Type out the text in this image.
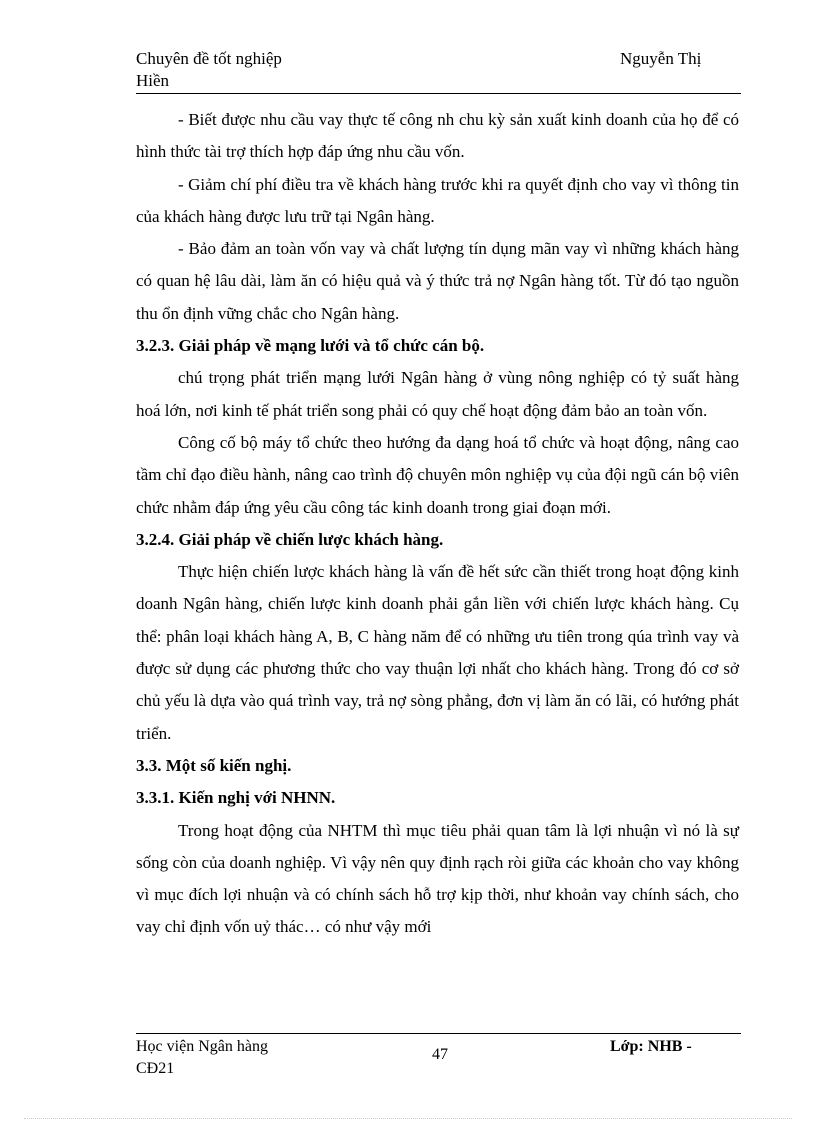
Chuyên đề tốt nghiệp	Nguyễn Thị
Hiền

- Biết được nhu cầu vay thực tế công nh chu kỳ sản xuất kinh doanh của họ để có hình thức tài trợ thích hợp đáp ứng nhu cầu vốn.

- Giảm chí phí điều tra về khách hàng trước khi ra quyết định cho vay vì thông tin của khách hàng được lưu trữ tại Ngân hàng.

- Bảo đảm an toàn vốn vay và chất lượng tín dụng mãn vay vì những khách hàng có quan hệ lâu dài, làm ăn có hiệu quả và ý thức trả nợ Ngân hàng tốt. Từ đó tạo nguồn thu ổn định vững chắc cho Ngân hàng.

3.2.3. Giải pháp về mạng lưới và tổ chức cán bộ.

chú trọng phát triển mạng lưới Ngân hàng ở vùng nông nghiệp có tỷ suất hàng hoá lớn, nơi kinh tế phát triển song phải có quy chế hoạt động đảm bảo an toàn vốn.

Công cố bộ máy tổ chức theo hướng đa dạng hoá tổ chức và hoạt động, nâng cao tầm chỉ đạo điều hành, nâng cao trình độ chuyên môn nghiệp vụ của đội ngũ cán bộ viên chức nhằm đáp ứng yêu cầu công tác kinh doanh trong giai đoạn mới.

3.2.4. Giải pháp về chiến lược khách hàng.

Thực hiện chiến lược khách hàng là vấn đề hết sức cần thiết trong hoạt động kinh doanh Ngân hàng, chiến lược kinh doanh phải gắn liền với chiến lược khách hàng. Cụ thể: phân loại khách hàng A, B, C hàng năm để có những ưu tiên trong qúa trình vay và được sử dụng các phương thức cho vay thuận lợi nhất cho khách hàng. Trong đó cơ sở chủ yếu là dựa vào quá trình vay, trả nợ sòng phẳng, đơn vị làm ăn có lãi, có hướng phát triển.

3.3. Một số kiến nghị.

3.3.1. Kiến nghị với NHNN.

Trong hoạt động của NHTM thì mục tiêu phải quan tâm là lợi nhuận vì nó là sự sống còn của doanh nghiệp. Vì vậy nên quy định rạch ròi giữa các khoản cho vay không vì mục đích lợi nhuận và có chính sách hỗ trợ kịp thời, như khoản vay chính sách, cho vay chỉ định vốn uỷ thác… có như vậy mới

Học viện Ngân hàng
CĐ21
47	Lớp: NHB -
